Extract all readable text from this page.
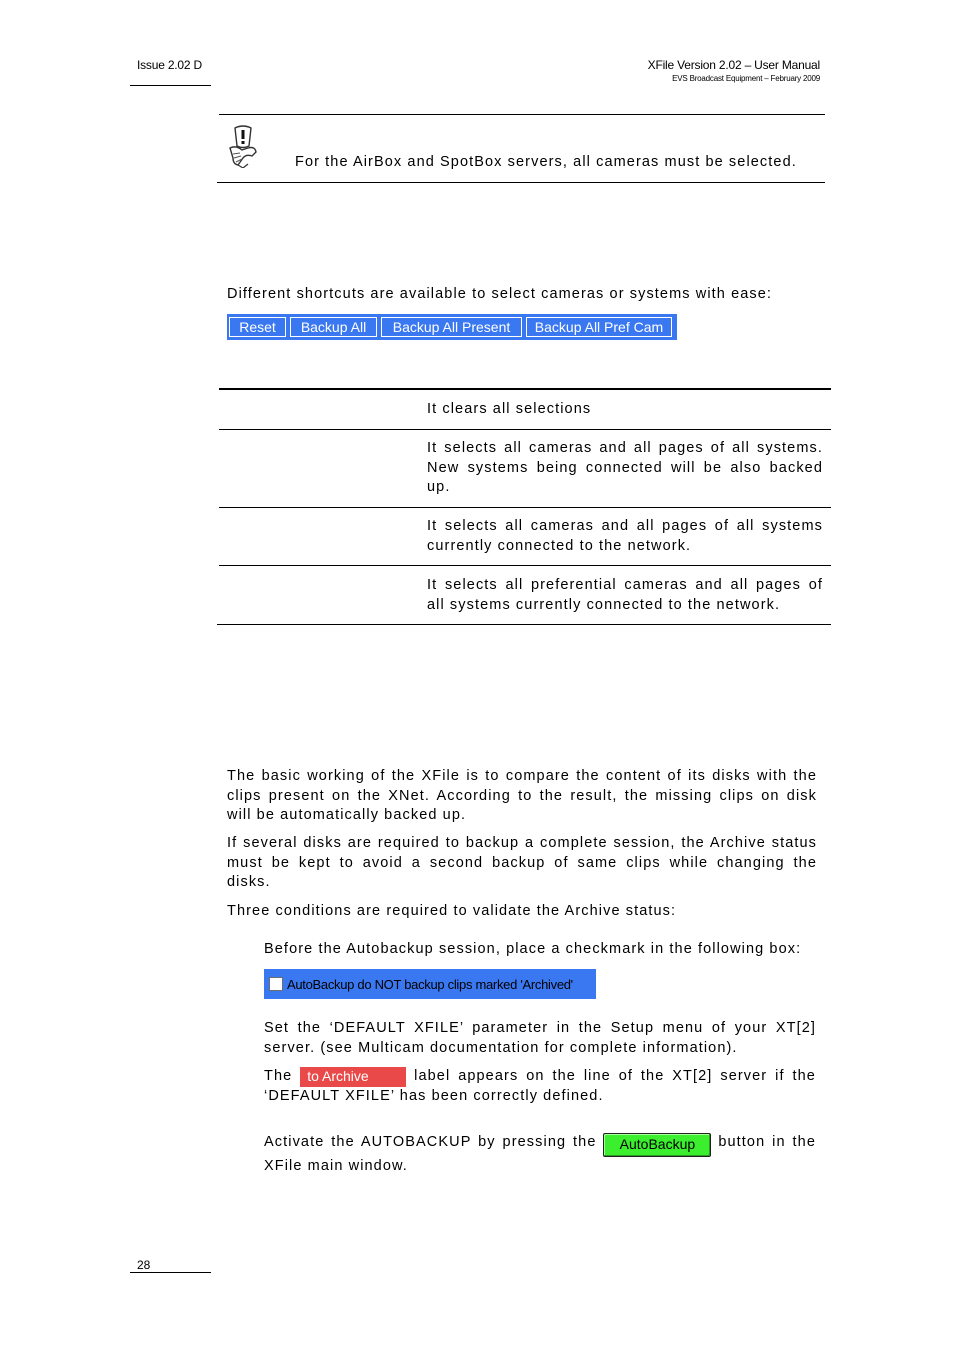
Issue 2.02 D	XFile Version 2.02 – User Manual
EVS Broadcast Equipment – February 2009
For the AirBox and SpotBox servers, all cameras must be selected.
Different shortcuts are available to select cameras or systems with ease:
Reset	Backup All	Backup All Present	Backup All Pref Cam
It clears all selections
It selects all cameras and all pages of all systems. New systems being connected will be also backed up.
It selects all cameras and all pages of all systems currently connected to the network.
It selects all preferential cameras and all pages of all systems currently connected to the network.
The basic working of the XFile is to compare the content of its disks with the clips present on the XNet. According to the result, the missing clips on disk will be automatically backed up.
If several disks are required to backup a complete session, the Archive status must be kept to avoid a second backup of same clips while changing the disks.
Three conditions are required to validate the Archive status:
Before the Autobackup session, place a checkmark in the following box:
AutoBackup do NOT backup clips marked 'Archived'
Set the ‘DEFAULT XFILE’ parameter in the Setup menu of your XT[2] server. (see Multicam documentation for complete information).
The to Archive	label appears on the line of the XT[2] server if the ‘DEFAULT XFILE’ has been correctly defined.
Activate the AUTOBACKUP by pressing the AutoBackup button in the XFile main window.
28
